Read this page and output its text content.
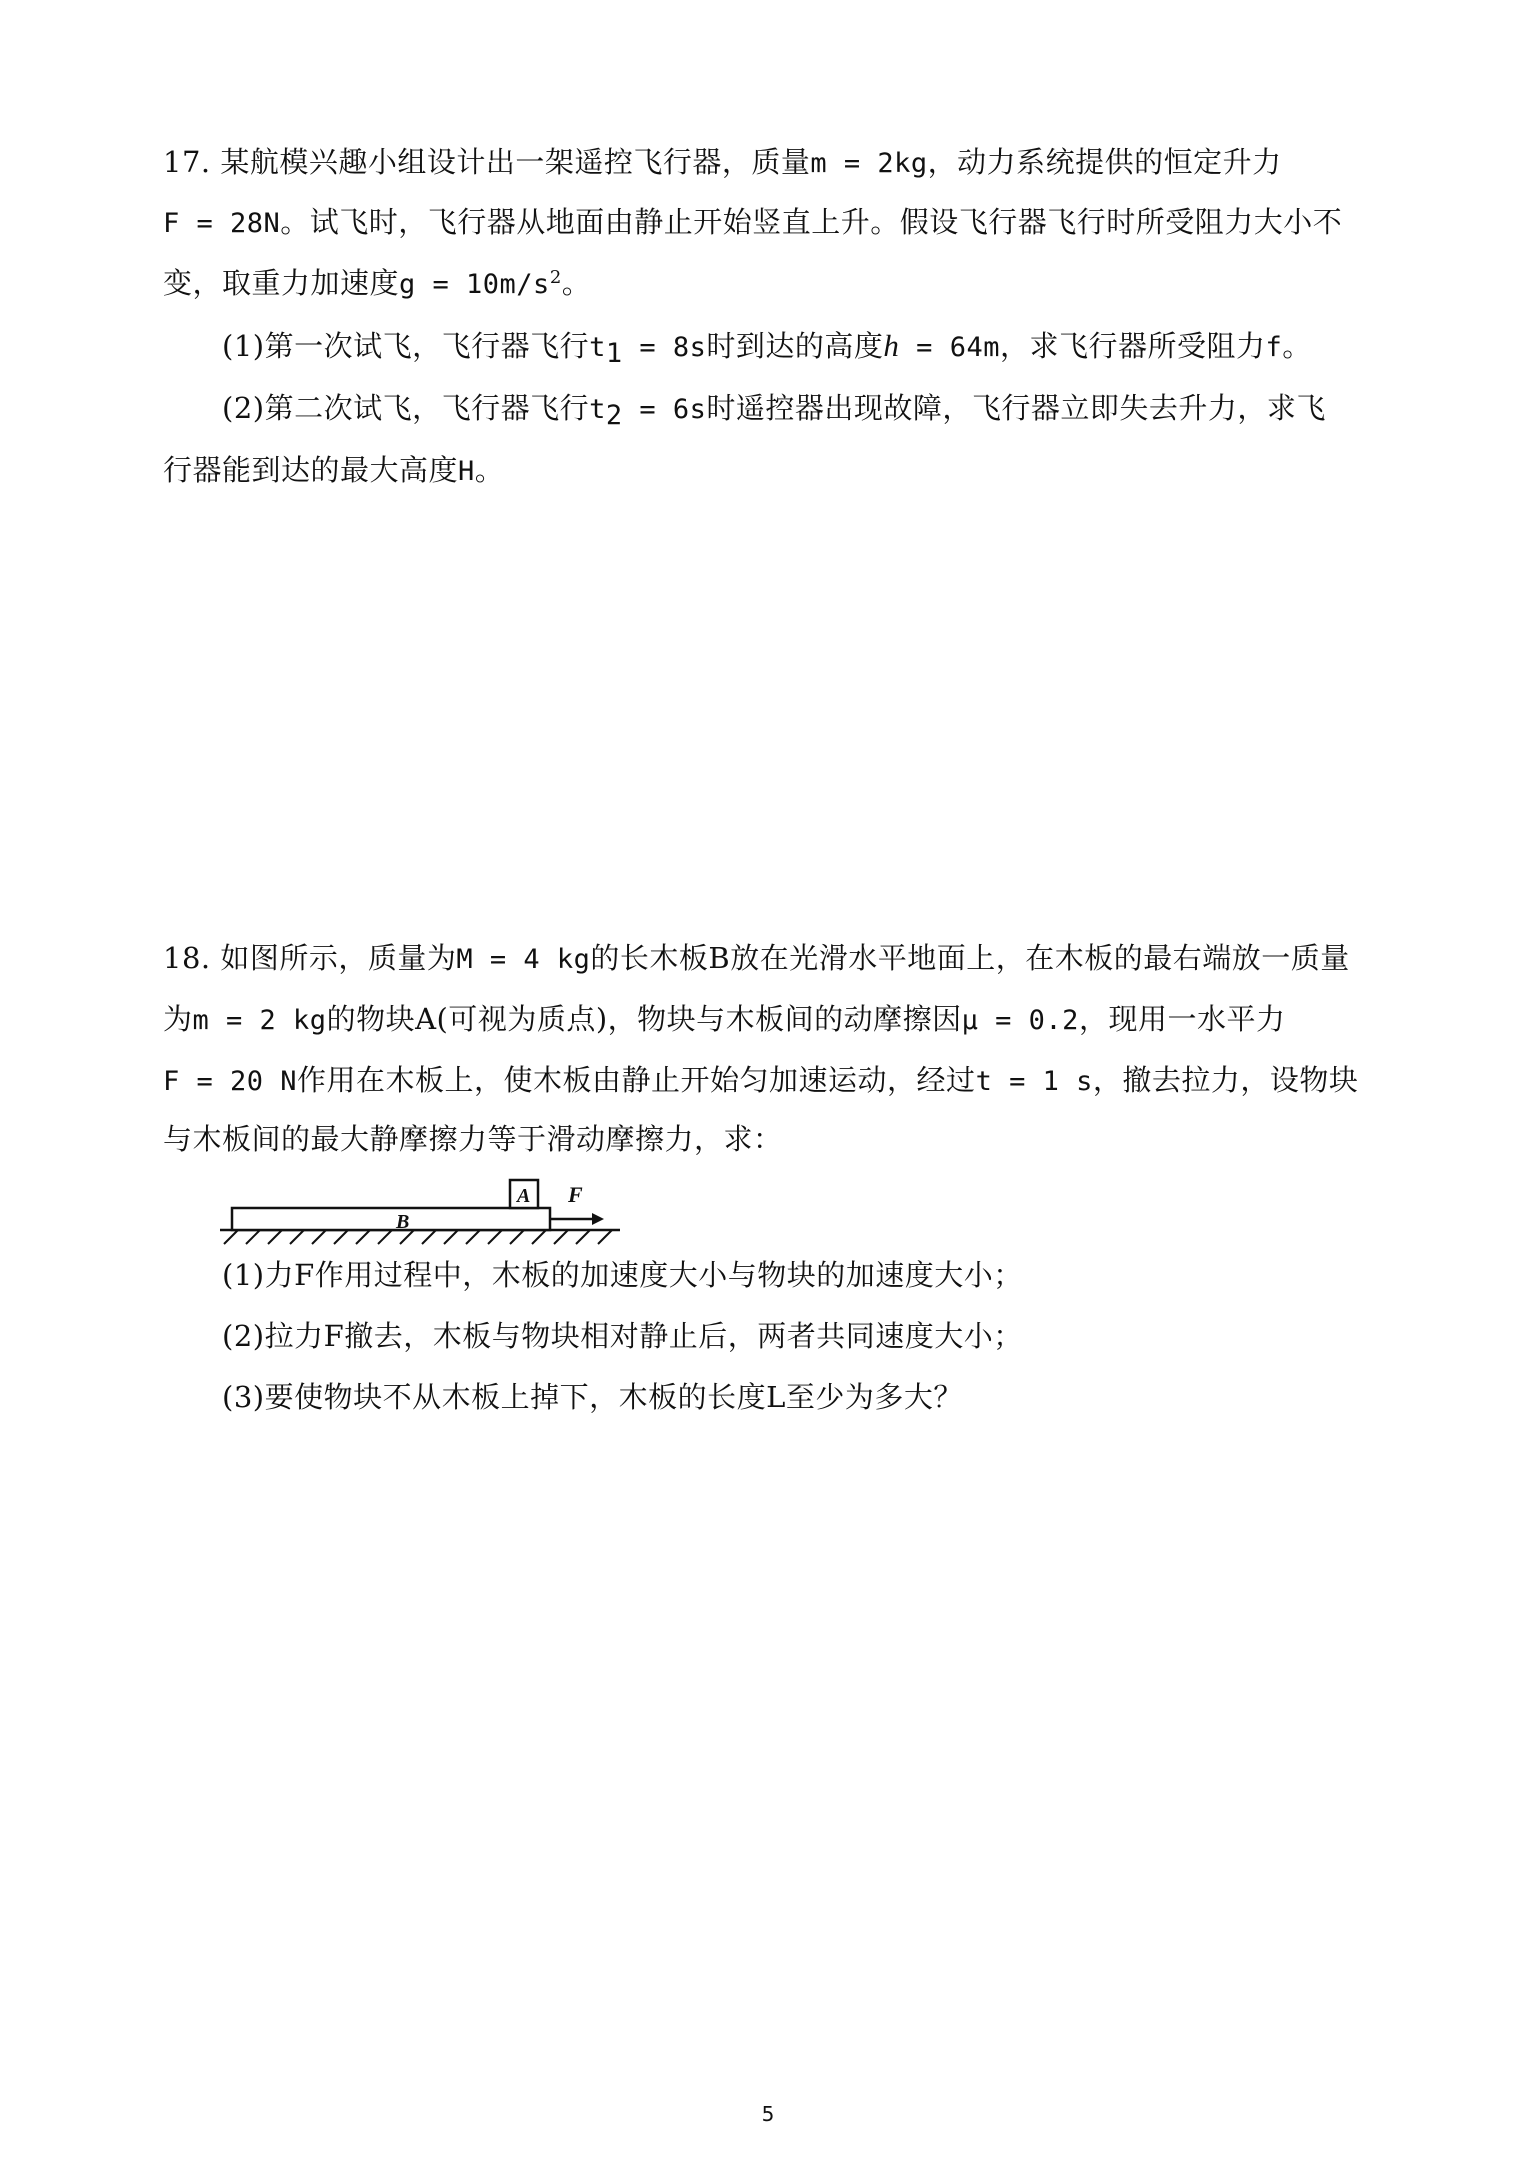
17. 某航模兴趣小组设计出一架遥控飞行器，质量m = 2kg，动力系统提供的恒定升力
F = 28N。试飞时，飞行器从地面由静止开始竖直上升。假设飞行器飞行时所受阻力大小不
变，取重力加速度$g = 10m/s^2$。
(1)第一次试飞，飞行器飞行$t_1 = 8s$时到达的高度h = 64m，求飞行器所受阻力f。
(2)第二次试飞，飞行器飞行$t_2 = 6s$时遥控器出现故障，飞行器立即失去升力，求飞
行器能到达的最大高度H。
18. 如图所示，质量为M = 4 kg的长木板B放在光滑水平地面上，在木板的最右端放一质量
为m = 2 kg的物块A(可视为质点)，物块与木板间的动摩擦因μ = 0.2，现用一水平力
F = 20 N作用在木板上，使木板由静止开始匀加速运动，经过t = 1 s，撤去拉力，设物块
与木板间的最大静摩擦力等于滑动摩擦力，求：
A
B
F
(1)力F作用过程中，木板的加速度大小与物块的加速度大小；
(2)拉力F撤去，木板与物块相对静止后，两者共同速度大小；
(3)要使物块不从木板上掉下，木板的长度L至少为多大？
5
